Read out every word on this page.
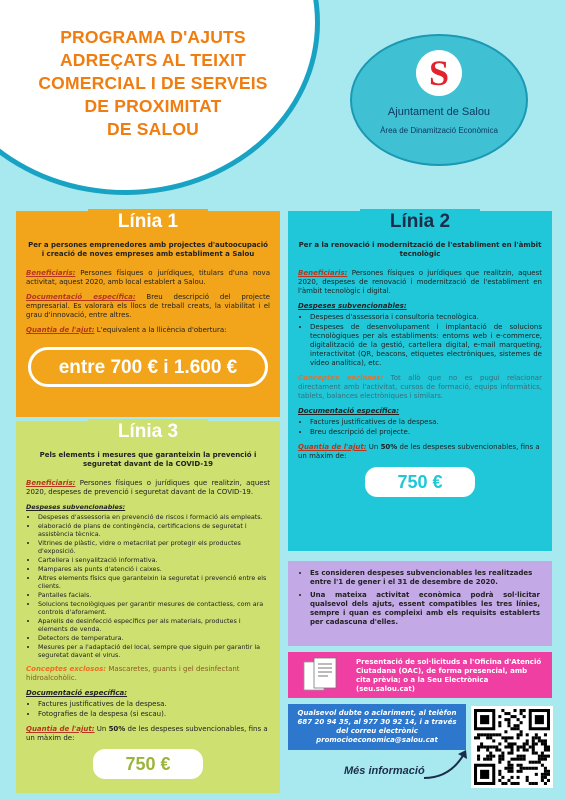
PROGRAMA D'AJUTS
ADREÇATS AL TEIXIT
COMERCIAL I DE SERVEIS
DE PROXIMITAT
DE SALOU
S
Ajuntament de Salou
Àrea de Dinamització Econòmica
Línia 1
Per a persones emprenedores amb projectes d'autoocupació i creació de noves empreses amb establiment a Salou

Beneficiaris: Persones físiques o jurídiques, titulars d'una nova activitat, aquest 2020, amb local establert a Salou.

Documentació específica: Breu descripció del projecte empresarial. Es valorarà els llocs de treball creats, la viabilitat i el grau d'innovació, entre altres.

Quantia de l'ajut: L'equivalent a la llicència d'obertura:

entre 700 € i 1.600 €
Línia 2
Per a la renovació i modernització de l'establiment en l'àmbit tecnològic

Beneficiaris: Persones físiques o jurídiques que realitzin, aquest 2020, despeses de renovació i modernització de l'establiment en l'àmbit tecnològic i digital.

Despeses subvencionables:
• Despeses d'assessoria i consultoria tecnològica.
• Despeses de desenvolupament i implantació de solucions tecnològiques per als establiments: entorns web i e-commerce, digitalització de la gestió, cartellera digital, e-mail marqueting, interactivitat (QR, beacons, etiquetes electròniques, sistemes de vídeo analítica), etc.

Conceptes exclosos: Tot allò que no es pugui relacionar directament amb l'activitat, cursos de formació, equips informàtics, tablets, balances electròniques i similars.

Documentació específica:
• Factures justificatives de la despesa.
• Breu descripció del projecte.

Quantia de l'ajut: Un 50% de les despeses subvencionables, fins a un màxim de:

750 €
Línia 3
Pels elements i mesures que garanteixin la prevenció i seguretat davant de la COVID-19

Beneficiaris: Persones físiques o jurídiques que realitzin, aquest 2020, despeses de prevenció i seguretat davant de la COVID-19.

Despeses subvencionables:
• Despeses d'assessoria en prevenció de riscos i formació als empleats.
• elaboració de plans de contingència, certificacions de seguretat i assistència tècnica.
• Vitrines de plàstic, vidre o metacrilat per protegir els productes d'exposició.
• Cartellera i senyalització informativa.
• Mampares als punts d'atenció i caixes.
• Altres elements físics que garanteixin la seguretat i prevenció entre els clients.
• Pantalles facials.
• Solucions tecnològiques per garantir mesures de contactless, com ara controls d'aforament.
• Aparells de desinfecció específics per als materials, productes i elements de venda.
• Detectors de temperatura.
• Mesures per a l'adaptació del local, sempre que siguin per garantir la seguretat davant el virus.

Conceptes exclosos: Mascaretes, guants i gel desinfectant hidroalcohòlic.

Documentació específica:
• Factures justificatives de la despesa.
• Fotografies de la despesa (si escau).

Quantia de l'ajut: Un 50% de les despeses subvencionables, fins a un màxim de:

750 €
• Es consideren despeses subvencionables les realitzades entre l'1 de gener i el 31 de desembre de 2020.
• Una mateixa activitat econòmica podrà sol·licitar qualsevol dels ajuts, essent compatibles les tres línies, sempre i quan es compleixi amb els requisits establerts per cadascuna d'elles.
Presentació de sol·licituds a l'Oficina d'Atenció Ciutadana (OAC), de forma presencial, amb cita prèvia; o a la Seu Electrònica (seu.salou.cat)
Qualsevol dubte o aclariment, al telèfon
687 20 94 35, al 977 30 92 14, i a través
del correu electrònic
promocioeconomica@salou.cat
Més informació
